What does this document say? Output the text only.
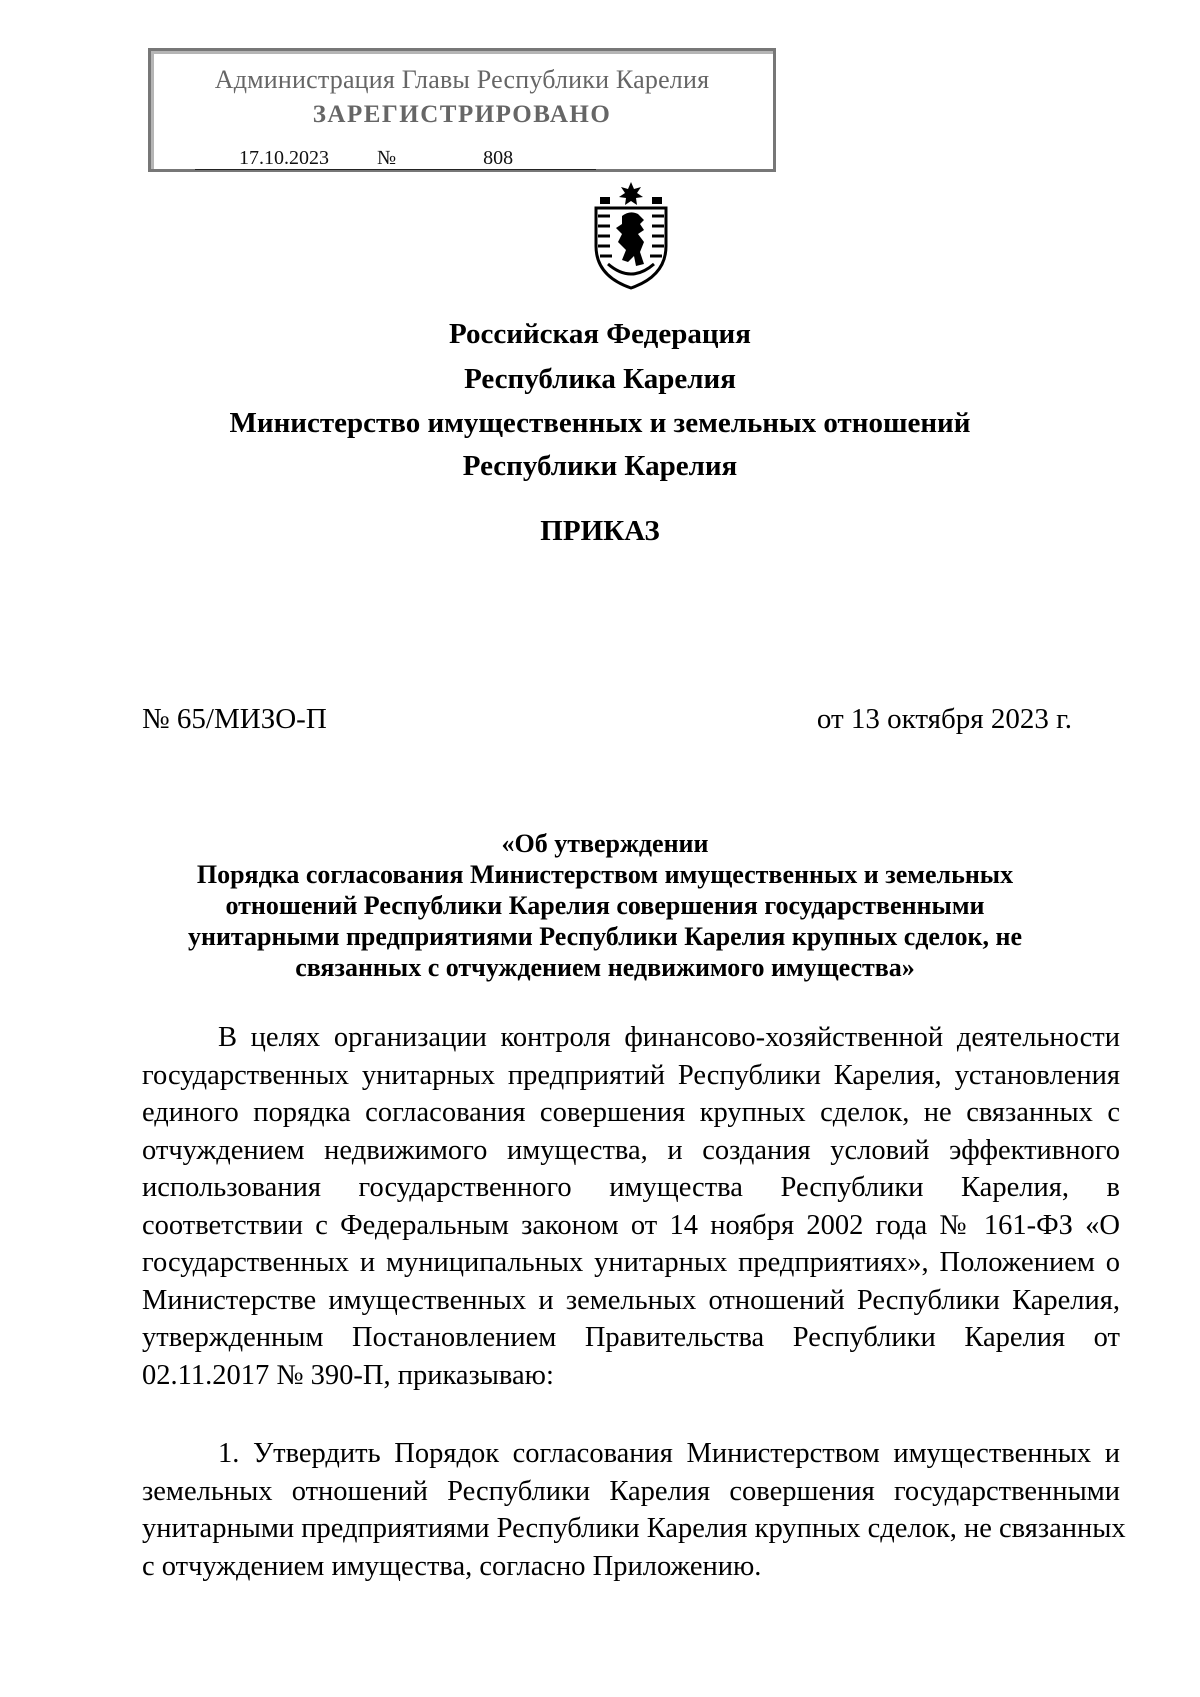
Администрация Главы Республики Карелия
ЗАРЕГИСТРИРОВАНО
17.10.2023 №	808
Российская Федерация
Республика Карелия
Министерство имущественных и земельных отношений
Республики Карелия
ПРИКАЗ
№ 65/МИЗО-П	от 13 октября 2023 г.
«Об утверждении
Порядка согласования Министерством имущественных и земельных
отношений Республики Карелия совершения государственными
унитарными предприятиями Республики Карелия крупных сделок, не
связанных с отчуждением недвижимого имущества»
В целях организации контроля финансово-хозяйственной деятельности
государственных унитарных предприятий Республики Карелия, установления
единого порядка согласования совершения крупных сделок, не связанных с
отчуждением недвижимого имущества, и создания условий эффективного
использования государственного имущества Республики Карелия, в
соответствии с Федеральным законом от 14 ноября 2002 года № 161-ФЗ «О
государственных и муниципальных унитарных предприятиях», Положением о
Министерстве имущественных и земельных отношений Республики Карелия,
утвержденным Постановлением Правительства Республики Карелия от
02.11.2017 № 390-П, приказываю:
1. Утвердить Порядок согласования Министерством имущественных и
земельных отношений Республики Карелия совершения государственными
унитарными предприятиями Республики Карелия крупных сделок, не связанных
с отчуждением имущества, согласно Приложению.
